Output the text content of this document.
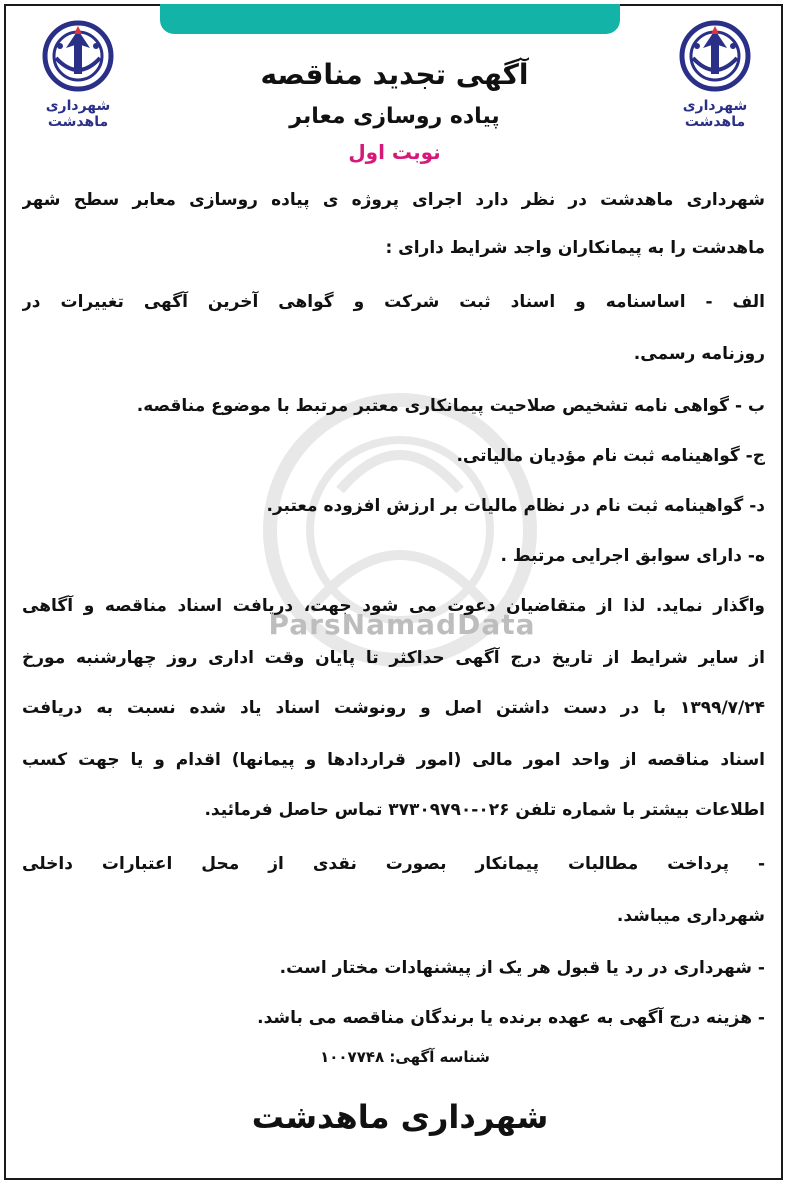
شهرداری ماهدشت
شهرداری ماهدشت
آگهی تجدید مناقصه
پیاده روسازی معابر
نوبت اول
ParsNamadData

شهرداری ماهدشت در نظر دارد اجرای پروژه ی پیاده روسازی معابر سطح شهر

ماهدشت را به پیمانکاران واجد شرایط دارای :

الف - اساسنامه و اسناد ثبت شرکت و گواهی آخرین آگهی تغییرات در

روزنامه رسمی.

ب - گواهی نامه تشخیص صلاحیت پیمانکاری معتبر مرتبط با موضوع مناقصه.

ج- گواهینامه ثبت نام مؤدیان مالیاتی.

د- گواهینامه ثبت نام در نظام مالیات بر ارزش افزوده معتبر.

ه- دارای سوابق اجرایی مرتبط .

واگذار نماید. لذا از متقاضیان دعوت می شود جهت، دریافت اسناد مناقصه و آگاهی

از سایر شرایط از تاریخ درج آگهی حداکثر تا پایان وقت اداری روز چهارشنبه مورخ

۱۳۹۹/۷/۲۴ با در دست داشتن اصل و رونوشت اسناد یاد شده نسبت به دریافت

اسناد مناقصه از واحد امور مالی (امور قراردادها و پیمانها) اقدام و یا جهت کسب

اطلاعات بیشتر با شماره تلفن ۰۲۶-۳۷۳۰۹۷۹۰ تماس حاصل فرمائید.

- پرداخت مطالبات پیمانکار بصورت نقدی از محل اعتبارات داخلی

شهرداری میباشد.

- شهرداری در رد یا قبول هر یک از پیشنهادات مختار است.

- هزینه درج آگهی به عهده برنده یا برندگان مناقصه می باشد.

شناسه آگهی: ۱۰۰۷۷۴۸
شهرداری ماهدشت
